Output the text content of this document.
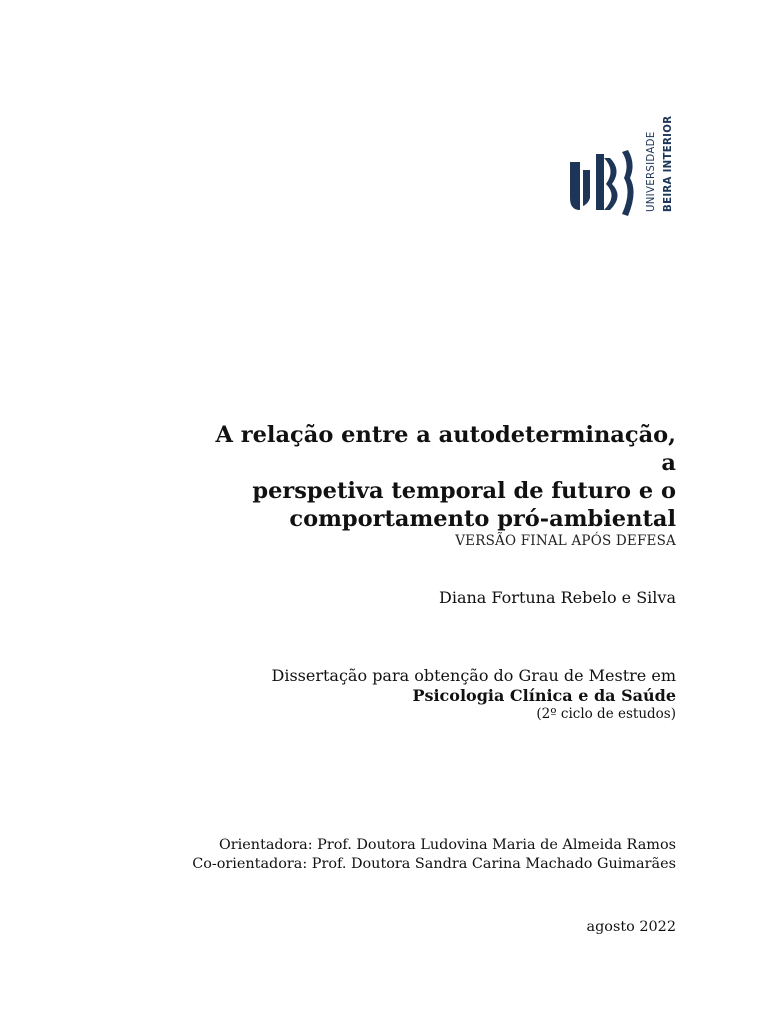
UNIVERSIDADE BEIRA INTERIOR
A relação entre a autodeterminação, a
perspetiva temporal de futuro e o
comportamento pró-ambiental
VERSÃO FINAL APÓS DEFESA
Diana Fortuna Rebelo e Silva
Dissertação para obtenção do Grau de Mestre em
Psicologia Clínica e da Saúde
(2º ciclo de estudos)
Orientadora: Prof. Doutora Ludovina Maria de Almeida Ramos
Co-orientadora: Prof. Doutora Sandra Carina Machado Guimarães
agosto 2022
